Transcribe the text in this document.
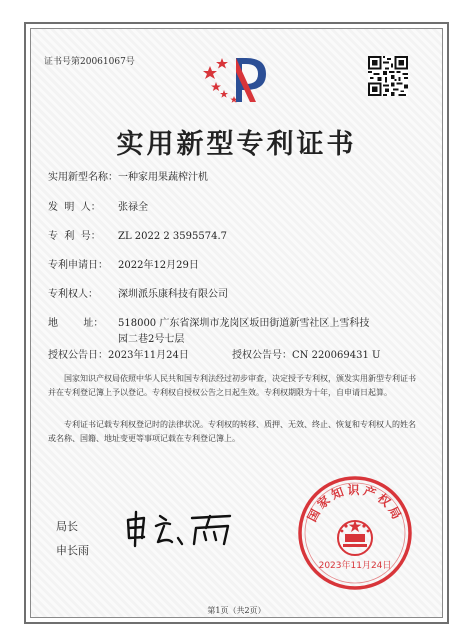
证书号第20061067号
实用新型专利证书
实用新型名称： 一种家用果蔬榨汁机
发  明  人：	张禄全
专  利  号：	ZL 2022 2 3595574.7
专利申请日：	2022年12月29日
专利权人：	深圳派乐康科技有限公司
地        址：	518000 广东省深圳市龙岗区坂田街道新雪社区上雪科技园二巷2号七层
授权公告日：2023年11月24日	授权公告号：CN 220069431 U
国家知识产权局依照中华人民共和国专利法经过初步审查，决定授予专利权，颁发实用新型专利证书并在专利登记簿上予以登记。专利权自授权公告之日起生效。专利权期限为十年，自申请日起算。
专利证书记载专利权登记时的法律状况。专利权的转移、质押、无效、终止、恢复和专利权人的姓名或名称、国籍、地址变更等事项记载在专利登记簿上。
局长
申长雨
国家知识产权局
2023年11月24日
第1页（共2页）
